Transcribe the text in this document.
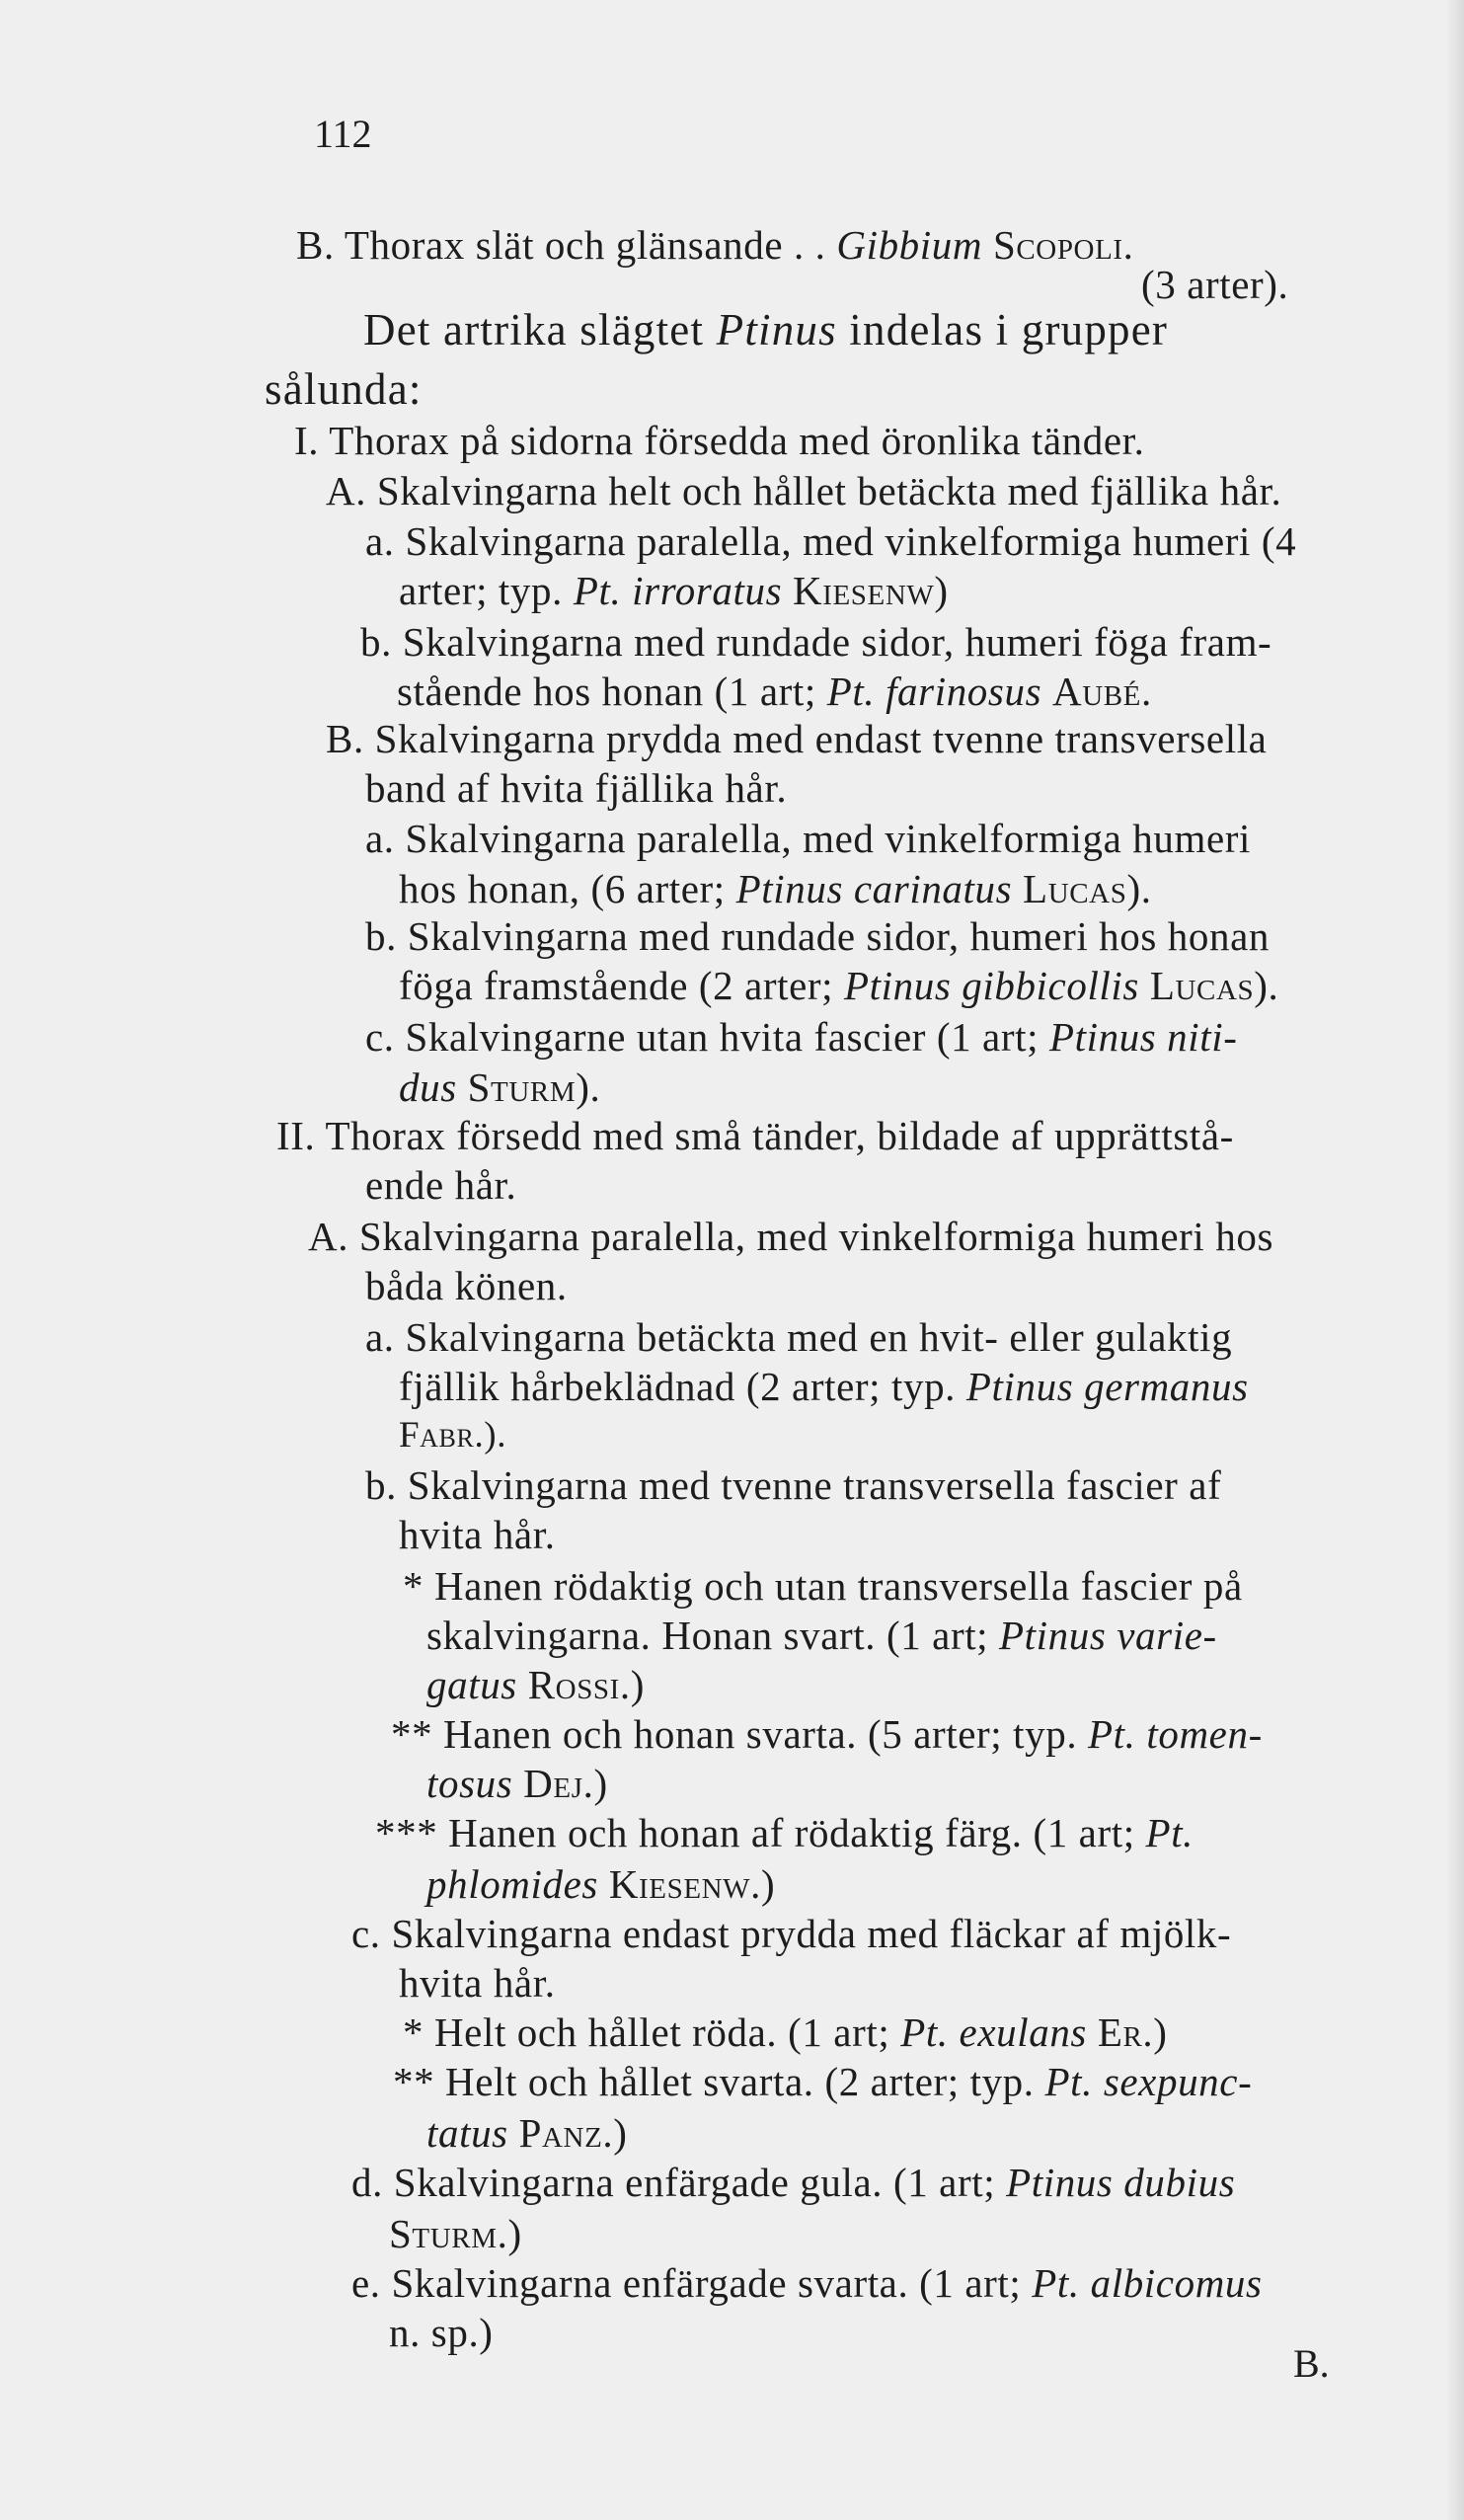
112

B. Thorax slät och glänsande . . Gibbium Scopoli.

(3 arter).

Det artrika slägtet Ptinus indelas i grupper

sålunda:

I. Thorax på sidorna försedda med öronlika tänder.

A. Skalvingarna helt och hållet betäckta med fjällika hår.

a. Skalvingarna paralella, med vinkelformiga humeri (4

arter; typ. Pt. irroratus Kiesenw)

b. Skalvingarna med rundade sidor, humeri föga fram-

stående hos honan (1 art; Pt. farinosus Aubé.

B. Skalvingarna prydda med endast tvenne transversella

band af hvita fjällika hår.

a. Skalvingarna paralella, med vinkelformiga humeri

hos honan, (6 arter; Ptinus carinatus Lucas).

b. Skalvingarna med rundade sidor, humeri hos honan

föga framstående (2 arter; Ptinus gibbicollis Lucas).

c. Skalvingarne utan hvita fascier (1 art; Ptinus niti-

dus Sturm).

II. Thorax försedd med små tänder, bildade af upprättstå-

ende hår.

A. Skalvingarna paralella, med vinkelformiga humeri hos

båda könen.

a. Skalvingarna betäckta med en hvit- eller gulaktig

fjällik hårbeklädnad (2 arter; typ. Ptinus germanus

Fabr.).

b. Skalvingarna med tvenne transversella fascier af

hvita hår.

* Hanen rödaktig och utan transversella fascier på

skalvingarna. Honan svart. (1 art; Ptinus varie-

gatus Rossi.)

** Hanen och honan svarta. (5 arter; typ. Pt. tomen-

tosus Dej.)

*** Hanen och honan af rödaktig färg. (1 art; Pt.

phlomides Kiesenw.)

c. Skalvingarna endast prydda med fläckar af mjölk-

hvita hår.

* Helt och hållet röda. (1 art; Pt. exulans Er.)

** Helt och hållet svarta. (2 arter; typ. Pt. sexpunc-

tatus Panz.)

d. Skalvingarna enfärgade gula. (1 art; Ptinus dubius

Sturm.)

e. Skalvingarna enfärgade svarta. (1 art; Pt. albicomus

n. sp.)

B.
